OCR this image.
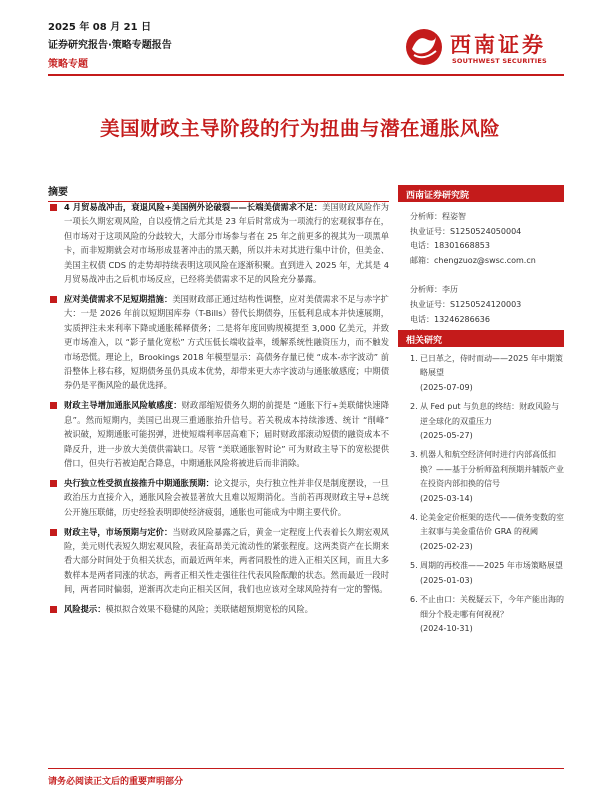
2025 年 08 月 21 日
证券研究报告·策略专题报告
策略专题
西南证券
SOUTHWEST SECURITIES
美国财政主导阶段的行为扭曲与潜在通胀风险
摘要
4 月贸易战冲击，衰退风险+美国例外论破裂——长端美债需求不足：美国财政风险作为一项长久期宏观风险，自以疫情之后尤其是 23 年后时常成为一项流行的宏观叙事存在，但市场对于这项风险的分歧较大，大部分市场参与者在 25 年之前更多的视其为一项黑单卡，而非短期就会对市场形成显著冲击的黑天鹅，所以并未对其进行集中计价，但美金、美国主权债 CDS 的走势却持续表明这项风险在逐渐积聚。直到进入 2025 年，尤其是 4 月贸易战冲击之后机市场反应，已经将美债需求不足的风险充分暴露。
应对美债需求不足短期措施：美国财政部正通过结构性调整，应对美债需求不足与赤字扩大：一是 2026 年前以短期国库券（T-Bills）替代长期债券，压低利息成本并快速展期，实质押注未来利率下降或通胀稀释债务；二是将年度回购规模提至 3,000 亿美元，并致更市场准入，以 “影子量化宽松” 方式压低长端收益率，缓解系统性融资压力，而不触发市场恐慌。理论上，Brookings 2018 年模型显示：高债务存量已使 “成本-赤字波动” 前沿整体上移右移，短期债务虽仍具成本优势，却带来更大赤字波动与通胀敏感度；中期债券仍是平衡风险的最优选择。
财政主导增加通胀风险敏感度：财政部缩短债务久期的前提是 “通胀下行+美联储快速降息”。然而短期内，美国已出现三重通胀抬升信号。若关税成本持续渗透、统计 “削峰” 被识破，短期通胀可能拐弹，进使短端利率居高难下；届时财政部滚动短债的融资成本不降反升，进一步放大美债供需缺口。尽管 “美联通胀智时论” 可为财政主导下的宽松提供借口，但央行若被迫配合降息，中期通胀风险将被进后而非消除。
央行独立性受损直接推升中期通胀预期：论文提示，央行独立性并非仅是制度摆设，一旦政治压力直接介入，通胀风险会被显著放大且难以短期消化。当前若再现财政主导+总统公开施压联储，历史经验表明即使经济疲弱，通胀也可能成为中期主要代价。
财政主导，市场预期与定价：当财政风险暴露之后，黄金一定程度上代表着长久期宏观风险，美元则代表短久期宏观风险，表征高昂美元流动性的紧张程度。这两类资产在长期来看大部分时间处于负相关状态，而最近两年来，两者同股性的进入正相关区间，而且大多数样本是两者同涨的状态，两者正相关性走强往往代表风险酝酿的状态。然而最近一段时间，两者同时偏弱，逆渐再次走向正相关区间，我们也应该对全球风险持有一定的警惕。
风险提示：模拟拟合效果不稳健的风险；美联储超预期宽松的风险。
西南证券研究院
分析师：程姿智
执业证号：S1250524050004
电话：18301668853
邮箱：chengzuoz@swsc.com.cn
分析师：李历
执业证号：S1250524120003
电话：13246286636
相关研究
1. 已日革之，侍时而动——2025 年中期策略展望
(2025-07-09)
2. 从 Fed put 与负息的终结：财政风险与逆全球化的双重压力
(2025-05-27)
3. 机器人和航空经济何时进行内部高低扣换？——基于分析师盈利预期并辅版产业在投资内部扣换的信号
(2025-03-14)
4. 论美金定价框架的迭代——债务变数的室主叙事与美金重估价 GRA 的视阈
(2025-02-23)
5. 周期的再校准——2025 年市场策略展望
(2025-01-03)
6. 不止由口：关税疑云下，今年产能出海的细分个股走哪有何视视？
(2024-10-31)
请务必阅读正文后的重要声明部分
